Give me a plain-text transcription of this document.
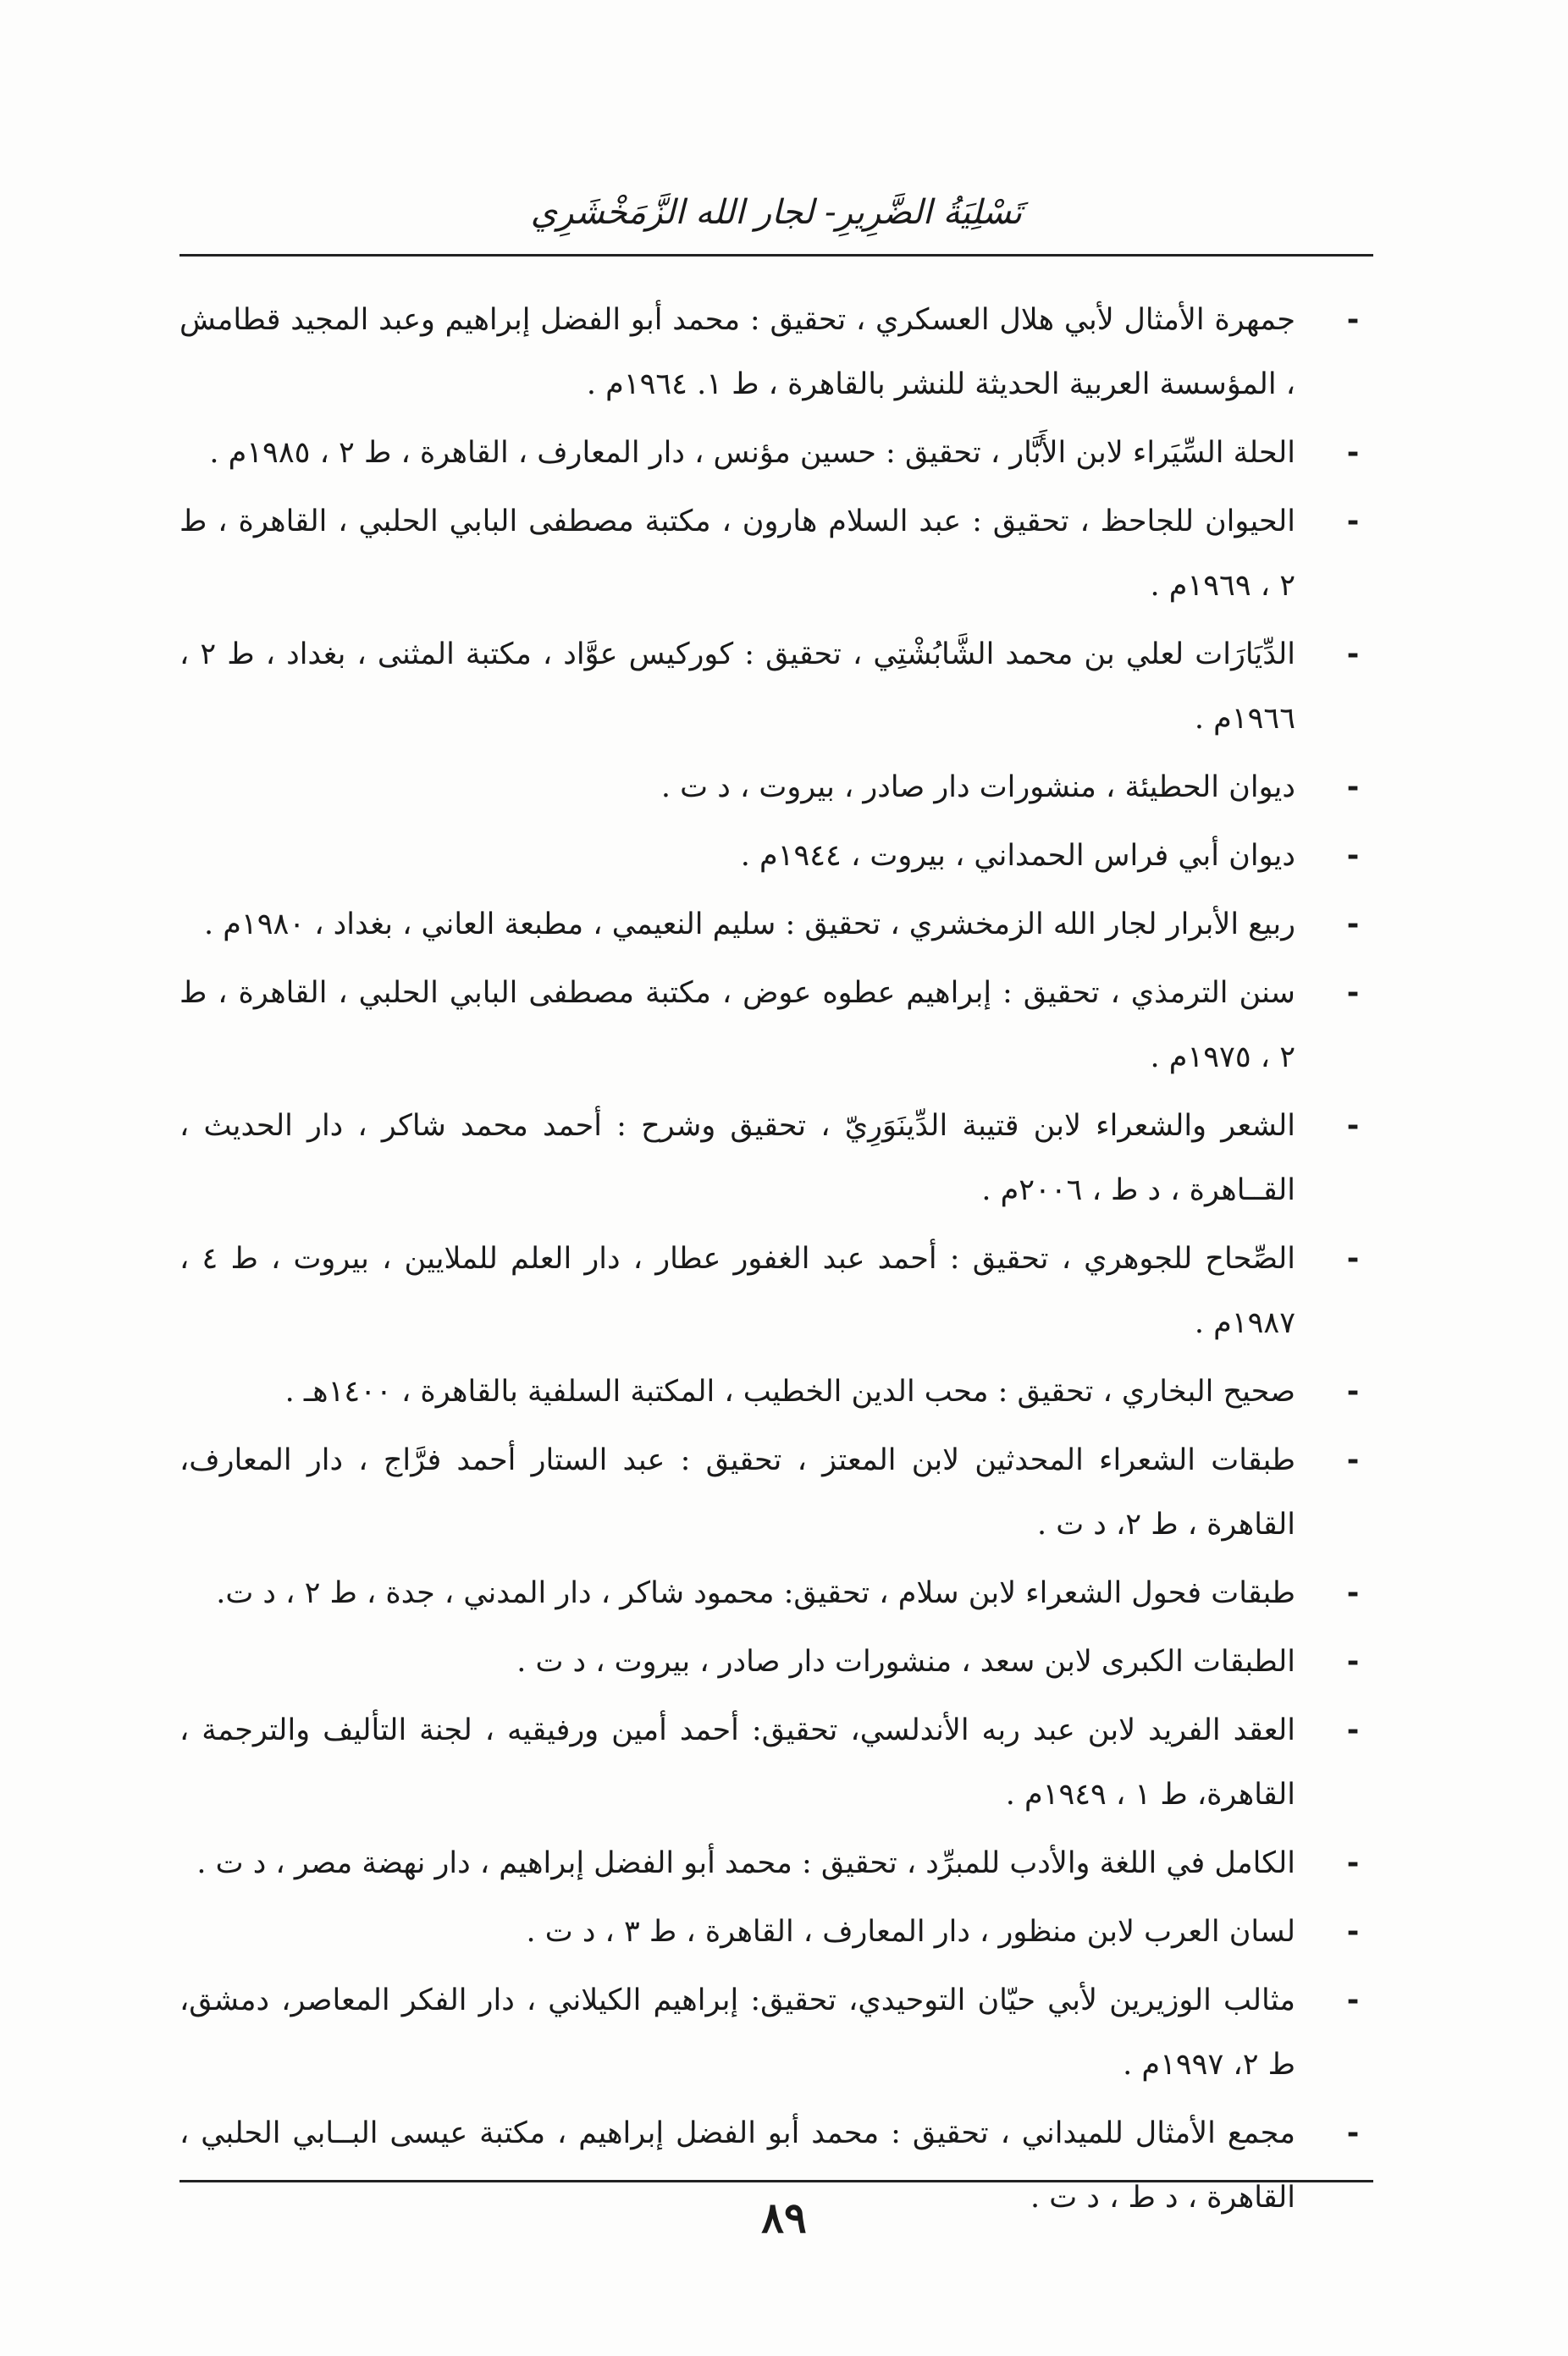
تَسْلِيَةُ الضَّرِيرِ- لجار الله الزَّمَخْشَرِي
-
جمهرة الأمثال لأبي هلال العسكري ، تحقيق : محمد أبو الفضل إبراهيم وعبد المجيد قطامش ، المؤسسة العربية الحديثة للنشر بالقاهرة ، ط ١. ١٩٦٤م .
-
الحلة السِّيَراء لابن الأَبَّار ، تحقيق : حسين مؤنس ، دار المعارف ، القاهرة ، ط ٢ ، ١٩٨٥م .
-
الحيوان للجاحظ ، تحقيق : عبد السلام هارون ، مكتبة مصطفى البابي الحلبي ، القاهرة ، ط ٢ ، ١٩٦٩م .
-
الدِّيَارَات لعلي بن محمد الشَّابُشْتِي ، تحقيق : كوركيس عوَّاد ، مكتبة المثنى ، بغداد ، ط ٢ ، ١٩٦٦م .
-
ديوان الحطيئة ، منشورات دار صادر ، بيروت ، د ت .
-
ديوان أبي فراس الحمداني ، بيروت ، ١٩٤٤م .
-
ربيع الأبرار لجار الله الزمخشري ، تحقيق : سليم النعيمي ، مطبعة العاني ، بغداد ، ١٩٨٠م .
-
سنن الترمذي ، تحقيق : إبراهيم عطوه عوض ، مكتبة مصطفى البابي الحلبي ، القاهرة ، ط ٢ ، ١٩٧٥م .
-
الشعر والشعراء لابن قتيبة الدِّينَوَرِيّ ، تحقيق وشرح : أحمد محمد شاكر ، دار الحديث ، القــاهرة ، د ط ، ٢٠٠٦م .
-
الصِّحاح للجوهري ، تحقيق : أحمد عبد الغفور عطار ، دار العلم للملايين ، بيروت ، ط ٤ ، ١٩٨٧م .
-
صحيح البخاري ، تحقيق : محب الدين الخطيب ، المكتبة السلفية بالقاهرة ، ١٤٠٠هـ .
-
طبقات الشعراء المحدثين لابن المعتز ، تحقيق : عبد الستار أحمد فرَّاج ، دار المعارف، القاهرة ، ط ٢، د ت .
-
طبقات فحول الشعراء لابن سلام ، تحقيق: محمود شاكر ، دار المدني ، جدة ، ط ٢ ، د ت.
-
الطبقات الكبرى لابن سعد ، منشورات دار صادر ، بيروت ، د ت .
-
العقد الفريد لابن عبد ربه الأندلسي، تحقيق: أحمد أمين ورفيقيه ، لجنة التأليف والترجمة ، القاهرة، ط ١ ، ١٩٤٩م .
-
الكامل في اللغة والأدب للمبرِّد ، تحقيق : محمد أبو الفضل إبراهيم ، دار نهضة مصر ، د ت .
-
لسان العرب لابن منظور ، دار المعارف ، القاهرة ، ط ٣ ، د ت .
-
مثالب الوزيرين لأبي حيّان التوحيدي، تحقيق: إبراهيم الكيلاني ، دار الفكر المعاصر، دمشق، ط ٢، ١٩٩٧م .
-
مجمع الأمثال للميداني ، تحقيق : محمد أبو الفضل إبراهيم ، مكتبة عيسى البــابي الحلبي ، القاهرة ، د ط ، د ت .
٨٩
